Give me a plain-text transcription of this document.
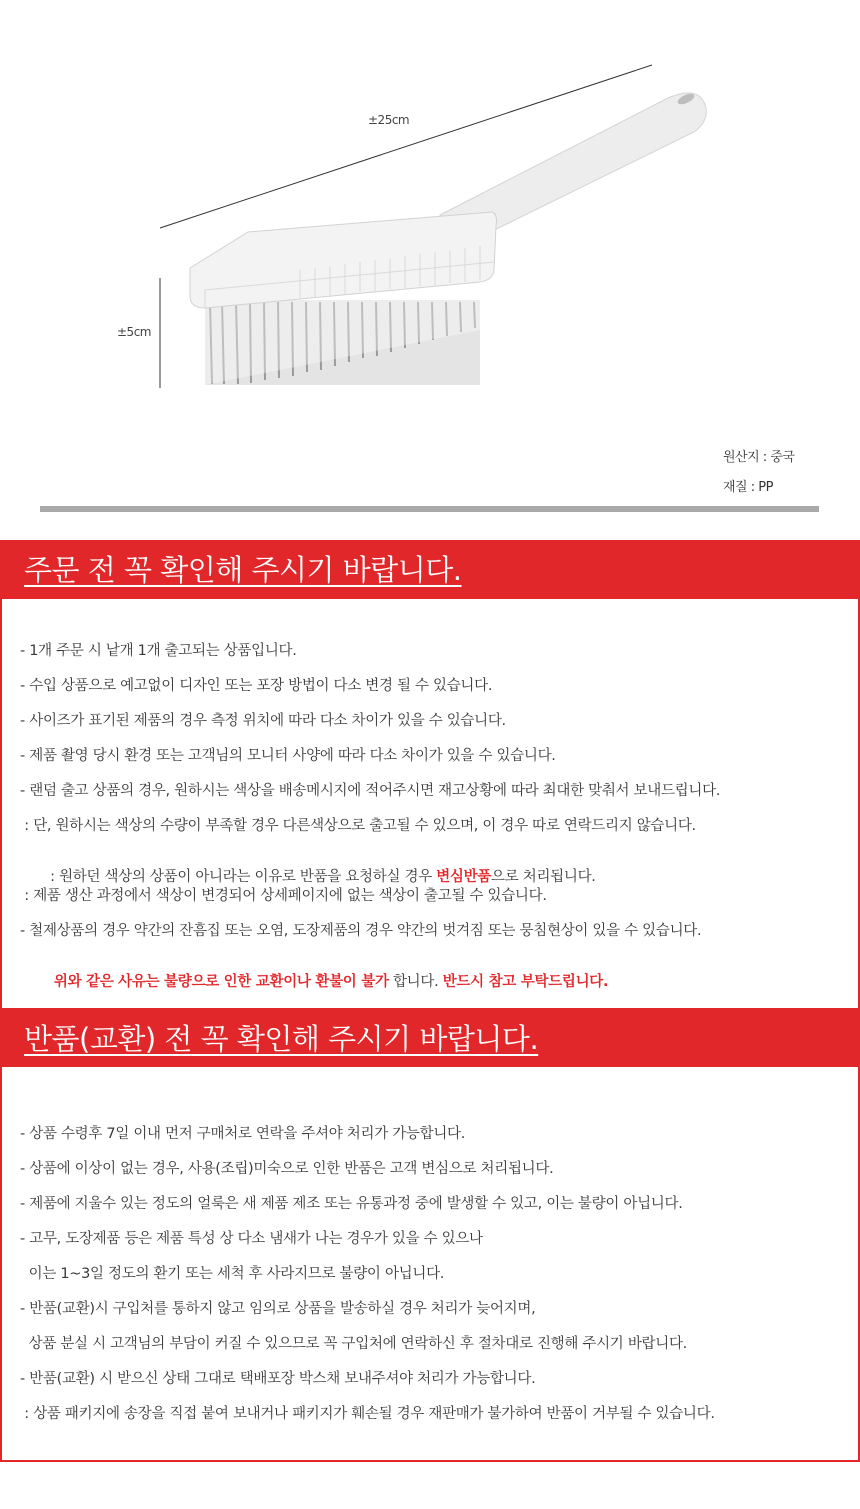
±25cm
±5cm
원산지 : 중국
재질 : PP
주문 전 꼭 확인해 주시기 바랍니다.
- 1개 주문 시 낱개 1개 출고되는 상품입니다.
- 수입 상품으로 예고없이 디자인 또는 포장 방법이 다소 변경 될 수 있습니다.
- 사이즈가 표기된 제품의 경우 측정 위치에 따라 다소 차이가 있을 수 있습니다.
- 제품 촬영 당시 환경 또는 고객님의 모니터 사양에 따라 다소 차이가 있을 수 있습니다.
- 랜덤 출고 상품의 경우, 원하시는 색상을 배송메시지에 적어주시면 재고상황에 따라 최대한 맞춰서 보내드립니다.
: 단, 원하시는 색상의 수량이 부족할 경우 다른색상으로 출고될 수 있으며, 이 경우 따로 연락드리지 않습니다.

: 원하던 색상의 상품이 아니라는 이유로 반품을 요청하실 경우 변심반품으로 처리됩니다.

: 제품 생산 과정에서 색상이 변경되어 상세페이지에 없는 색상이 출고될 수 있습니다.
- 철제상품의 경우 약간의 잔흠집 또는 오염, 도장제품의 경우 약간의 벗겨짐 또는 뭉침현상이 있을 수 있습니다.

위와 같은 사유는 불량으로 인한 교환이나 환불이 불가 합니다. 반드시 참고 부탁드립니다.

반품(교환) 전 꼭 확인해 주시기 바랍니다.
- 상품 수령후 7일 이내 먼저 구매처로 연락을 주셔야 처리가 가능합니다.
- 상품에 이상이 없는 경우, 사용(조립)미숙으로 인한 반품은 고객 변심으로 처리됩니다.
- 제품에 지울수 있는 정도의 얼룩은 새 제품 제조 또는 유통과정 중에 발생할 수 있고, 이는 불량이 아닙니다.
- 고무, 도장제품 등은 제품 특성 상 다소 냄새가 나는 경우가 있을 수 있으나
이는 1~3일 정도의 환기 또는 세척 후 사라지므로 불량이 아닙니다.
- 반품(교환)시 구입처를 통하지 않고 임의로 상품을 발송하실 경우 처리가 늦어지며,
상품 분실 시 고객님의 부담이 커질 수 있으므로 꼭 구입처에 연락하신 후 절차대로 진행해 주시기 바랍니다.
- 반품(교환) 시 받으신 상태 그대로 택배포장 박스채 보내주셔야 처리가 가능합니다.
: 상품 패키지에 송장을 직접 붙여 보내거나 패키지가 훼손될 경우 재판매가 불가하여 반품이 거부될 수 있습니다.
